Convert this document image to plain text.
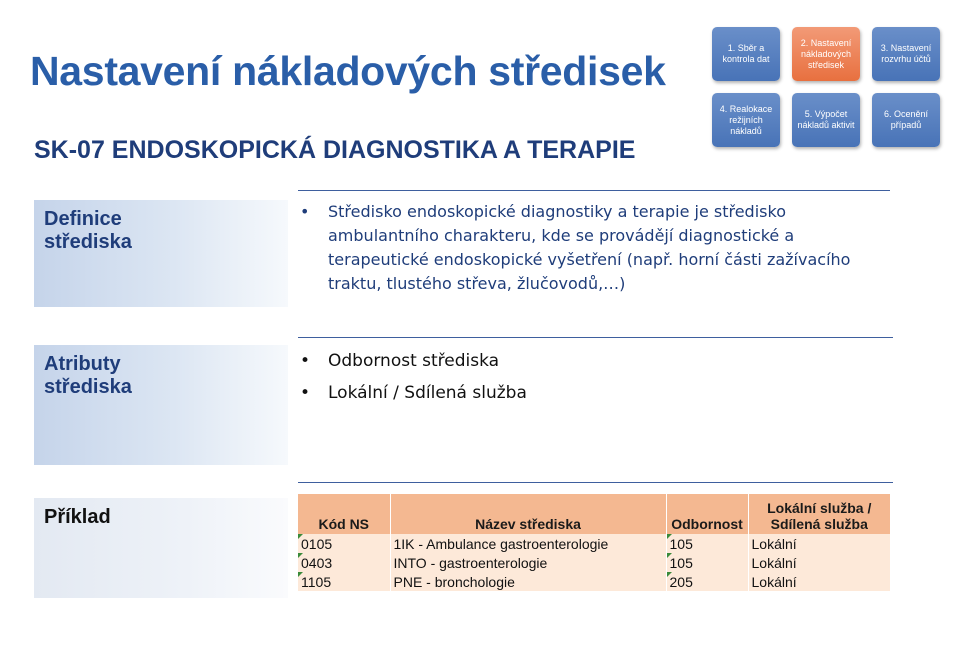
Nastavení nákladových středisek
SK-07 ENDOSKOPICKÁ DIAGNOSTIKA A TERAPIE
1. Sběr a kontrola dat
2. Nastavení nákladových středisek
3. Nastavení rozvrhu účtů
4. Realokace režijních nákladů
5. Výpočet nákladů aktivit
6. Ocenění případů
Definice střediska
• Středisko endoskopické diagnostiky a terapie je středisko
ambulantního charakteru, kde se provádějí diagnostické a
terapeutické endoskopické vyšetření (např. horní části zažívacího
traktu, tlustého střeva, žlučovodů,…)
Atributy střediska
• Odbornost střediska
• Lokální / Sdílená služba
Příklad	Kód NS	Název střediska	Odbornost	Lokální služba / Sdílená služba

0105	1IK - Ambulance gastroenterologie	105	Lokální

0403	INTO - gastroenterologie	105	Lokální

1105	PNE - bronchologie	205	Lokální
